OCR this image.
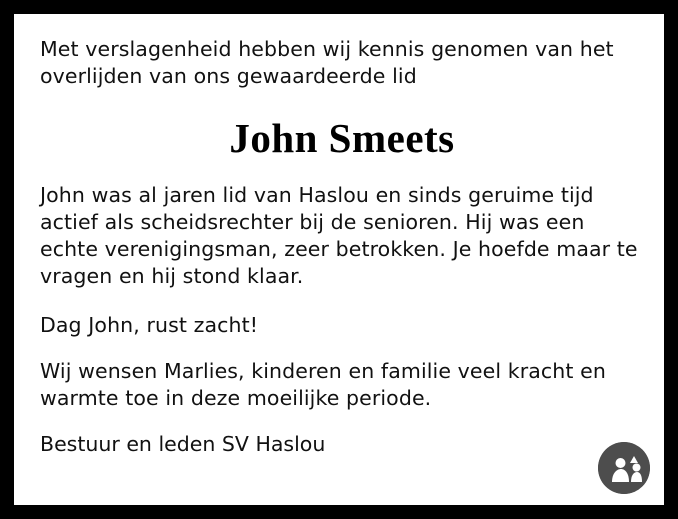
Met verslagenheid hebben wij kennis genomen van het overlijden van ons gewaardeerde lid

John Smeets

John was al jaren lid van Haslou en sinds geruime tijd actief als scheidsrechter bij de senioren. Hij was een echte verenigingsman, zeer betrokken. Je hoefde maar te vragen en hij stond klaar.

Dag John, rust zacht!

Wij wensen Marlies, kinderen en familie veel kracht en warmte toe in deze moeilijke periode.

Bestuur en leden SV Haslou
